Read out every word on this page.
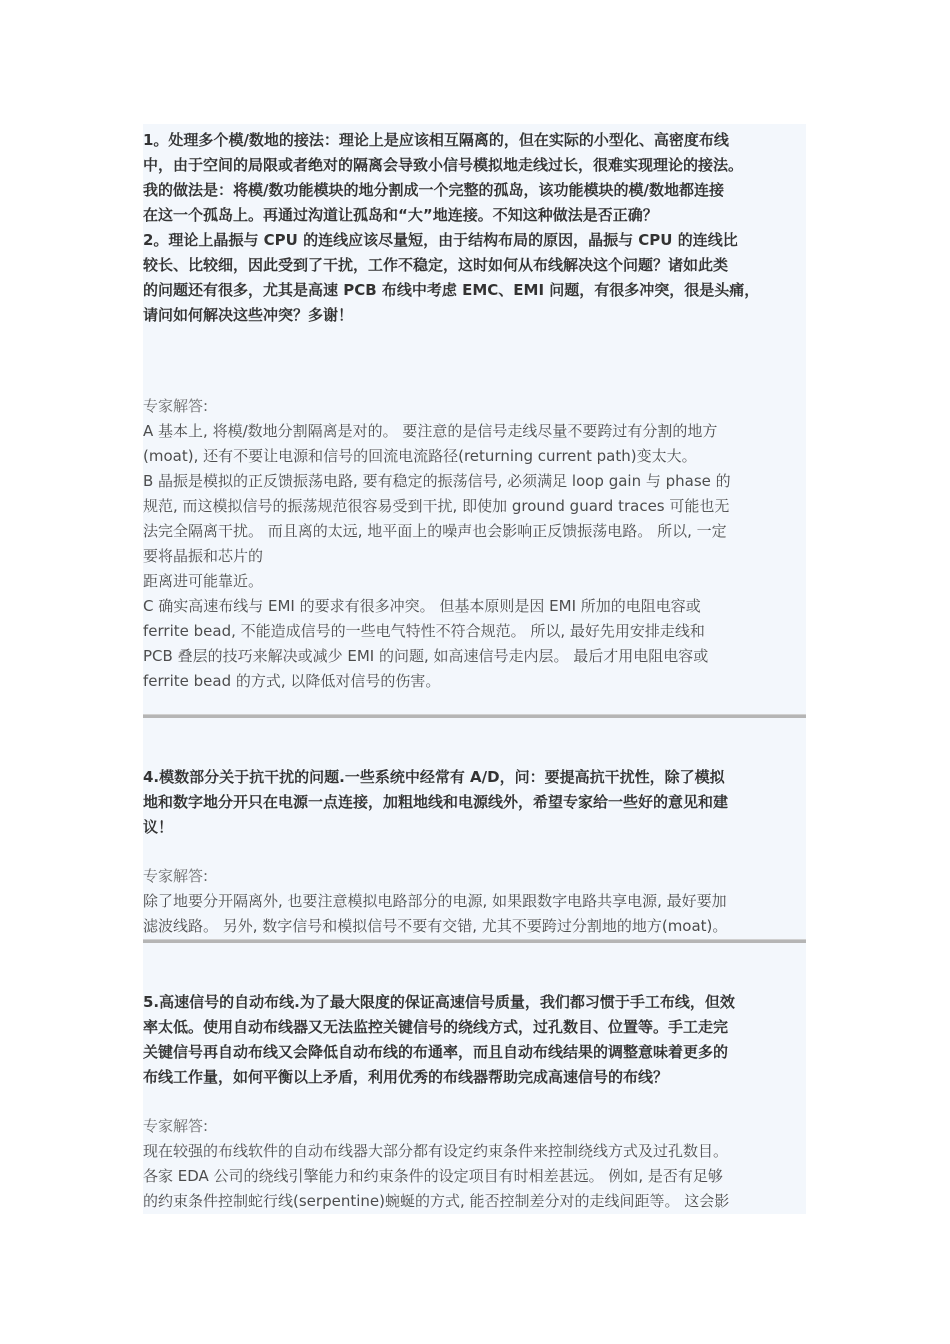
1。处理多个模/数地的接法：理论上是应该相互隔离的，但在实际的小型化、高密度布线
中，由于空间的局限或者绝对的隔离会导致小信号模拟地走线过长，很难实现理论的接法。
我的做法是：将模/数功能模块的地分割成一个完整的孤岛，该功能模块的模/数地都连接
在这一个孤岛上。再通过沟道让孤岛和“大”地连接。不知这种做法是否正确？
2。理论上晶振与 CPU 的连线应该尽量短，由于结构布局的原因，晶振与 CPU 的连线比
较长、比较细，因此受到了干扰，工作不稳定，这时如何从布线解决这个问题？诸如此类
的问题还有很多，尤其是高速 PCB 布线中考虑 EMC、EMI 问题，有很多冲突，很是头痛，
请问如何解决这些冲突？多谢！
专家解答:
A 基本上, 将模/数地分割隔离是对的。 要注意的是信号走线尽量不要跨过有分割的地方
(moat), 还有不要让电源和信号的回流电流路径(returning current path)变太大。
B 晶振是模拟的正反馈振荡电路, 要有稳定的振荡信号, 必须满足 loop gain 与 phase 的
规范, 而这模拟信号的振荡规范很容易受到干扰, 即使加 ground guard traces 可能也无
法完全隔离干扰。 而且离的太远, 地平面上的噪声也会影响正反馈振荡电路。 所以, 一定
要将晶振和芯片的
距离进可能靠近。
C 确实高速布线与 EMI 的要求有很多冲突。 但基本原则是因 EMI 所加的电阻电容或
ferrite bead, 不能造成信号的一些电气特性不符合规范。 所以, 最好先用安排走线和
PCB 叠层的技巧来解决或减少 EMI 的问题, 如高速信号走内层。 最后才用电阻电容或
ferrite bead 的方式, 以降低对信号的伤害。
4.模数部分关于抗干扰的问题.一些系统中经常有 A/D，问：要提高抗干扰性，除了模拟
地和数字地分开只在电源一点连接，加粗地线和电源线外，希望专家给一些好的意见和建
议！
专家解答:
除了地要分开隔离外, 也要注意模拟电路部分的电源, 如果跟数字电路共享电源, 最好要加
滤波线路。 另外, 数字信号和模拟信号不要有交错, 尤其不要跨过分割地的地方(moat)。
5.高速信号的自动布线.为了最大限度的保证高速信号质量，我们都习惯于手工布线，但效
率太低。使用自动布线器又无法监控关键信号的绕线方式，过孔数目、位置等。手工走完
关键信号再自动布线又会降低自动布线的布通率，而且自动布线结果的调整意味着更多的
布线工作量，如何平衡以上矛盾，利用优秀的布线器帮助完成高速信号的布线？
专家解答:
现在较强的布线软件的自动布线器大部分都有设定约束条件来控制绕线方式及过孔数目。
各家 EDA 公司的绕线引擎能力和约束条件的设定项目有时相差甚远。 例如, 是否有足够
的约束条件控制蛇行线(serpentine)蜿蜒的方式, 能否控制差分对的走线间距等。 这会影
